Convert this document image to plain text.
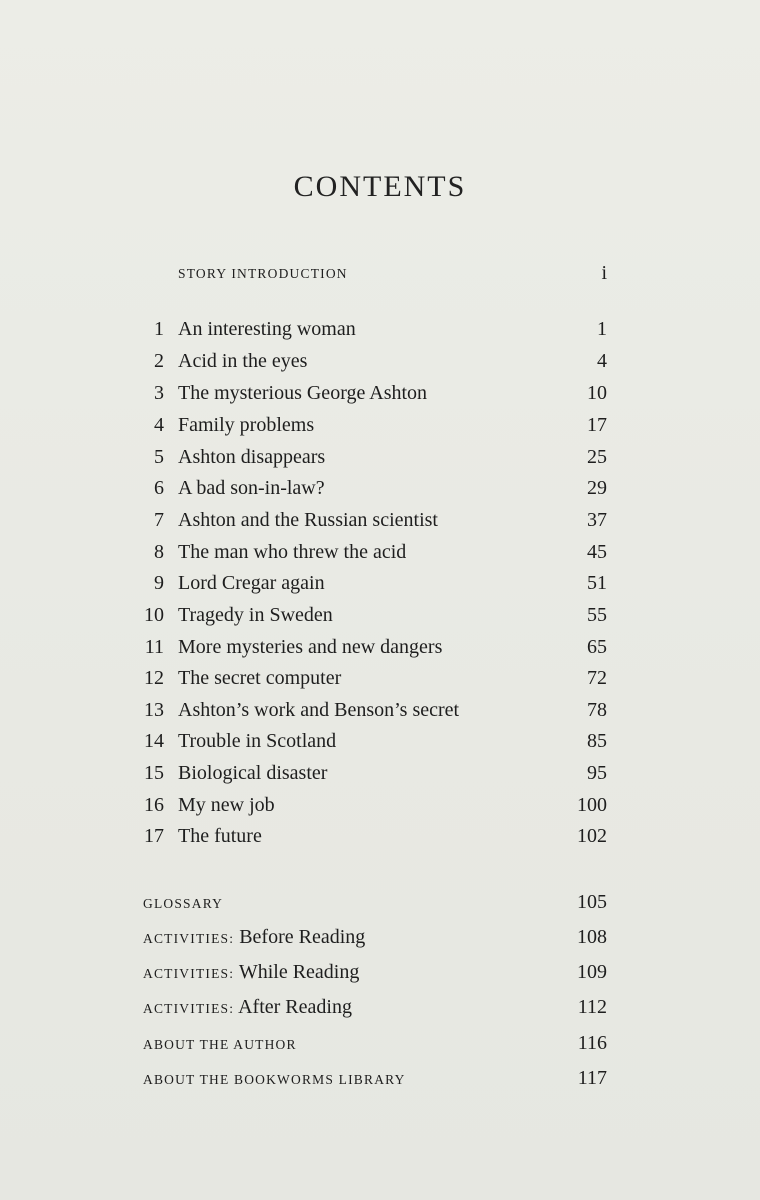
CONTENTS
STORY INTRODUCTION	i
1 An interesting woman	1
2 Acid in the eyes	4
3 The mysterious George Ashton	10
4 Family problems	17
5 Ashton disappears	25
6 A bad son-in-law?	29
7 Ashton and the Russian scientist	37
8 The man who threw the acid	45
9 Lord Cregar again	51
10 Tragedy in Sweden	55
11 More mysteries and new dangers	65
12 The secret computer	72
13 Ashton’s work and Benson’s secret	78
14 Trouble in Scotland	85
15 Biological disaster	95
16 My new job	100
17 The future	102
GLOSSARY	105
ACTIVITIES: Before Reading	108
ACTIVITIES: While Reading	109
ACTIVITIES: After Reading	112
ABOUT THE AUTHOR	116
ABOUT THE BOOKWORMS LIBRARY	117
